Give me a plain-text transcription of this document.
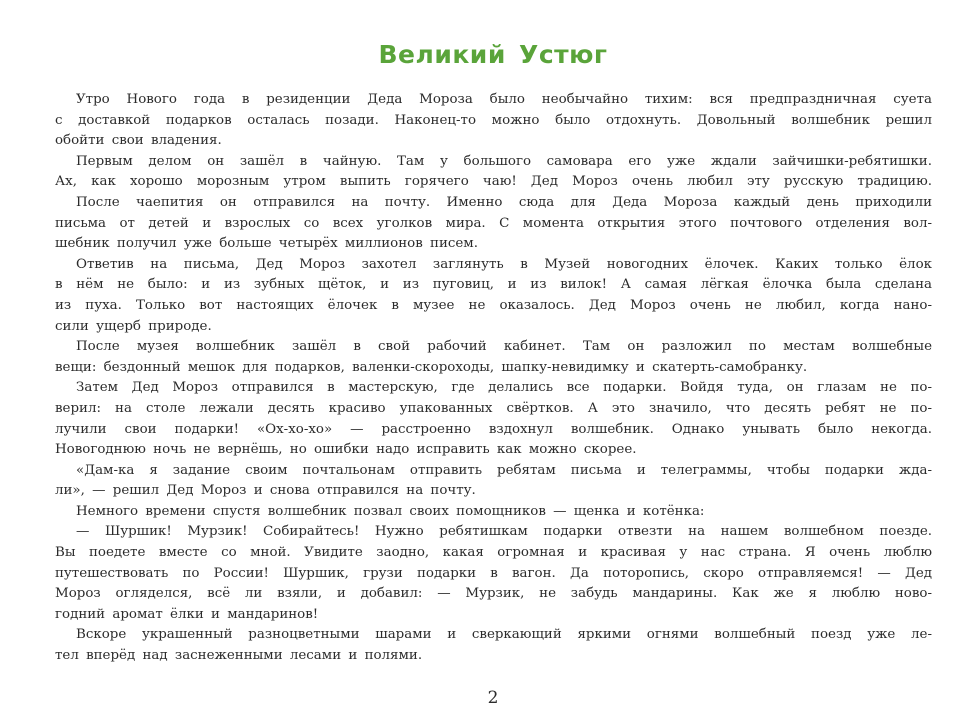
Великий Устюг
Утро Нового года в резиденции Деда Мороза было необычайно тихим: вся предпраздничная суета
с доставкой подарков осталась позади. Наконец-то можно было отдохнуть. Довольный волшебник решил
обойти свои владения.
Первым делом он зашёл в чайную. Там у большого самовара его уже ждали зайчишки-ребятишки.
Ах, как хорошо морозным утром выпить горячего чаю! Дед Мороз очень любил эту русскую традицию.
После чаепития он отправился на почту. Именно сюда для Деда Мороза каждый день приходили
письма от детей и взрослых со всех уголков мира. С момента открытия этого почтового отделения вол-
шебник получил уже больше четырёх миллионов писем.
Ответив на письма, Дед Мороз захотел заглянуть в Музей новогодних ёлочек. Каких только ёлок
в нём не было: и из зубных щёток, и из пуговиц, и из вилок! А самая лёгкая ёлочка была сделана
из пуха. Только вот настоящих ёлочек в музее не оказалось. Дед Мороз очень не любил, когда нано-
сили ущерб природе.
После музея волшебник зашёл в свой рабочий кабинет. Там он разложил по местам волшебные
вещи: бездонный мешок для подарков, валенки-скороходы, шапку-невидимку и скатерть-самобранку.
Затем Дед Мороз отправился в мастерскую, где делались все подарки. Войдя туда, он глазам не по-
верил: на столе лежали десять красиво упакованных свёртков. А это значило, что десять ребят не по-
лучили свои подарки! «Ох-хо-хо» — расстроенно вздохнул волшебник. Однако унывать было некогда.
Новогоднюю ночь не вернёшь, но ошибки надо исправить как можно скорее.
«Дам-ка я задание своим почтальонам отправить ребятам письма и телеграммы, чтобы подарки жда-
ли», — решил Дед Мороз и снова отправился на почту.
Немного времени спустя волшебник позвал своих помощников — щенка и котёнка:
— Шуршик! Мурзик! Собирайтесь! Нужно ребятишкам подарки отвезти на нашем волшебном поезде.
Вы поедете вместе со мной. Увидите заодно, какая огромная и красивая у нас страна. Я очень люблю
путешествовать по России! Шуршик, грузи подарки в вагон. Да поторопись, скоро отправляемся! — Дед
Мороз огляделся, всё ли взяли, и добавил: — Мурзик, не забудь мандарины. Как же я люблю ново-
годний аромат ёлки и мандаринов!
Вскоре украшенный разноцветными шарами и сверкающий яркими огнями волшебный поезд уже ле-
тел вперёд над заснеженными лесами и полями.
2
